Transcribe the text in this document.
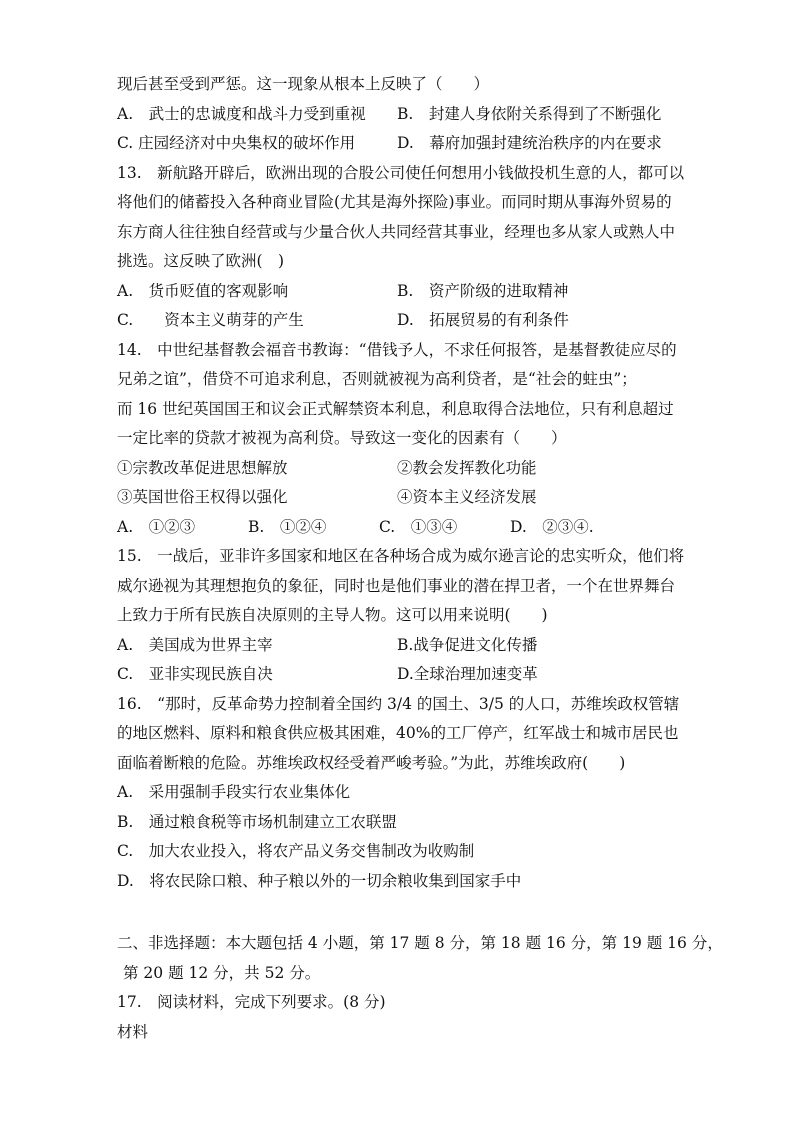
现后甚至受到严惩。这一现象从根本上反映了（　　）
A.　武士的忠诚度和战斗力受到重视	B.　封建人身依附关系得到了不断强化
C. 庄园经济对中央集权的破坏作用	D.　幕府加强封建统治秩序的内在要求
13.　新航路开辟后，欧洲出现的合股公司使任何想用小钱做投机生意的人，都可以
将他们的储蓄投入各种商业冒险(尤其是海外探险)事业。而同时期从事海外贸易的
东方商人往往独自经营或与少量合伙人共同经营其事业，经理也多从家人或熟人中
挑选。这反映了欧洲(　)
A.　货币贬值的客观影响	B.　资产阶级的进取精神
C.　　资本主义萌芽的产生	D.　拓展贸易的有利条件
14.　中世纪基督教会福音书教诲：“借钱予人，不求任何报答，是基督教徒应尽的
兄弟之谊”，借贷不可追求利息，否则就被视为高利贷者，是“社会的蛀虫”；
而 16 世纪英国国王和议会正式解禁资本利息，利息取得合法地位，只有利息超过
一定比率的贷款才被视为高利贷。导致这一变化的因素有（　　）
①宗教改革促进思想解放	②教会发挥教化功能
③英国世俗王权得以强化	④资本主义经济发展
A.　①②③	B.　①②④	C.　①③④	D.　②③④.
15.　一战后，亚非许多国家和地区在各种场合成为威尔逊言论的忠实听众，他们将
威尔逊视为其理想抱负的象征，同时也是他们事业的潜在捍卫者，一个在世界舞台
上致力于所有民族自决原则的主导人物。这可以用来说明(　　)
A.　美国成为世界主宰	B.战争促进文化传播
C.　亚非实现民族自决	D.全球治理加速变革
16.　“那时，反革命势力控制着全国约 3/4 的国土、3/5 的人口，苏维埃政权管辖
的地区燃料、原料和粮食供应极其困难，40%的工厂停产，红军战士和城市居民也
面临着断粮的危险。苏维埃政权经受着严峻考验。”为此，苏维埃政府(　　)
A.　采用强制手段实行农业集体化
B.　通过粮食税等市场机制建立工农联盟
C.　加大农业投入，将农产品义务交售制改为收购制
D.　将农民除口粮、种子粮以外的一切余粮收集到国家手中
二、非选择题：本大题包括 4 小题，第 17 题 8 分，第 18 题 16 分，第 19 题 16 分，
第 20 题 12 分，共 52 分。
17.　阅读材料，完成下列要求。(8 分)
材料
